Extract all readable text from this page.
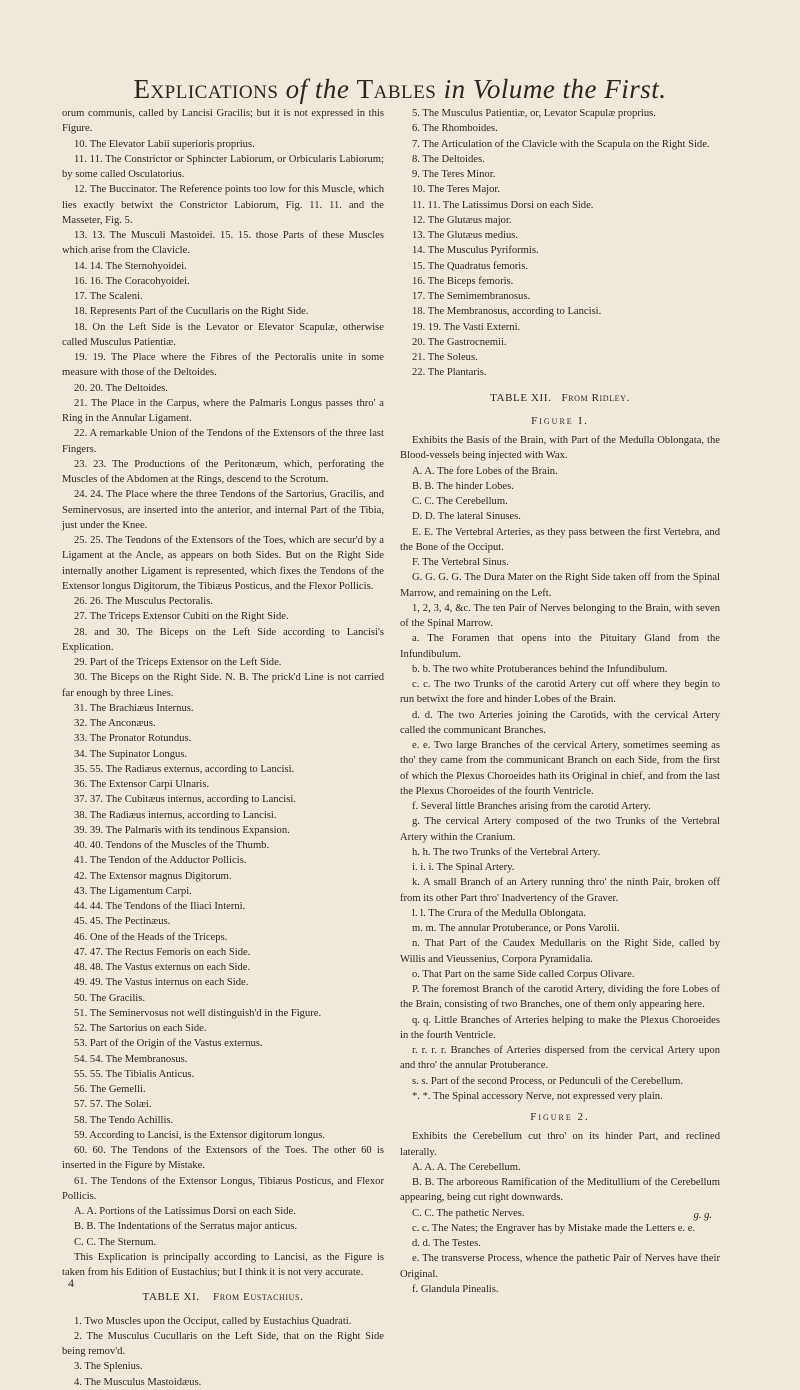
Explications of the Tables in Volume the First.

orum communis, called by Lancisi Gracilis; but it is not expressed in this Figure.

10. The Elevator Labii superioris proprius.

11. 11. The Constrictor or Sphincter Labiorum, or Orbicularis Labiorum; by some called Osculatorius.

12. The Buccinator. The Reference points too low for this Muscle, which lies exactly betwixt the Constrictor Labiorum, Fig. 11. 11. and the Masseter, Fig. 5.

13. 13. The Musculi Mastoidei. 15. 15. those Parts of these Muscles which arise from the Clavicle.

14. 14. The Sternohyoidei.

16. 16. The Coracohyoidei.

17. The Scaleni.

18. Represents Part of the Cucullaris on the Right Side.

18. On the Left Side is the Levator or Elevator Scapulæ, otherwise called Musculus Patientiæ.

19. 19. The Place where the Fibres of the Pectoralis unite in some measure with those of the Deltoides.

20. 20. The Deltoides.

21. The Place in the Carpus, where the Palmaris Longus passes thro' a Ring in the Annular Ligament.

22. A remarkable Union of the Tendons of the Extensors of the three last Fingers.

23. 23. The Productions of the Peritonæum, which, perforating the Muscles of the Abdomen at the Rings, descend to the Scrotum.

24. 24. The Place where the three Tendons of the Sartorius, Gracilis, and Seminervosus, are inserted into the anterior, and internal Part of the Tibia, just under the Knee.

25. 25. The Tendons of the Extensors of the Toes, which are secur'd by a Ligament at the Ancle, as appears on both Sides. But on the Right Side internally another Ligament is represented, which fixes the Tendons of the Extensor longus Digitorum, the Tibiæus Posticus, and the Flexor Pollicis.

26. 26. The Musculus Pectoralis.

27. The Triceps Extensor Cubiti on the Right Side.

28. and 30. The Biceps on the Left Side according to Lancisi's Explication.

29. Part of the Triceps Extensor on the Left Side.

30. The Biceps on the Right Side. N. B. The prick'd Line is not carried far enough by three Lines.

31. The Brachiæus Internus.

32. The Anconæus.

33. The Pronator Rotundus.

34. The Supinator Longus.

35. 55. The Radiæus externus, according to Lancisi.

36. The Extensor Carpi Ulnaris.

37. 37. The Cubitæus internus, according to Lancisi.

38. The Radiæus internus, according to Lancisi.

39. 39. The Palmaris with its tendinous Expansion.

40. 40. Tendons of the Muscles of the Thumb.

41. The Tendon of the Adductor Pollicis.

42. The Extensor magnus Digitorum.

43. The Ligamentum Carpi.

44. 44. The Tendons of the Iliaci Interni.

45. 45. The Pectinæus.

46. One of the Heads of the Triceps.

47. 47. The Rectus Femoris on each Side.

48. 48. The Vastus externus on each Side.

49. 49. The Vastus internus on each Side.

50. The Gracilis.

51. The Seminervosus not well distinguish'd in the Figure.

52. The Sartorius on each Side.

53. Part of the Origin of the Vastus externus.

54. 54. The Membranosus.

55. 55. The Tibialis Anticus.

56. The Gemelli.

57. 57. The Solæi.

58. The Tendo Achillis.

59. According to Lancisi, is the Extensor digitorum longus.

60. 60. The Tendons of the Extensors of the Toes. The other 60 is inserted in the Figure by Mistake.

61. The Tendons of the Extensor Longus, Tibiæus Posticus, and Flexor Pollicis.

A. A. Portions of the Latissimus Dorsi on each Side.

B. B. The Indentations of the Serratus major anticus.

C. C. The Sternum.

This Explication is principally according to Lancisi, as the Figure is taken from his Edition of Eustachius; but I think it is not very accurate.

TABLE XI. From Eustachius.

1. Two Muscles upon the Occiput, called by Eustachius Quadrati.

2. The Musculus Cucullaris on the Left Side, that on the Right Side being remov'd.

3. The Splenius.

4. The Musculus Mastoidæus.

5. The Musculus Patientiæ, or, Levator Scapulæ proprius.

6. The Rhomboides.

7. The Articulation of the Clavicle with the Scapula on the Right Side.

8. The Deltoides.

9. The Teres Minor.

10. The Teres Major.

11. 11. The Latissimus Dorsi on each Side.

12. The Glutæus major.

13. The Glutæus medius.

14. The Musculus Pyriformis.

15. The Quadratus femoris.

16. The Biceps femoris.

17. The Semimembranosus.

18. The Membranosus, according to Lancisi.

19. 19. The Vasti Externi.

20. The Gastrocnemii.

21. The Soleus.

22. The Plantaris.

TABLE XII. From Ridley.
Figure I.

Exhibits the Basis of the Brain, with Part of the Medulla Oblongata, the Blood-vessels being injected with Wax.

A. A. The fore Lobes of the Brain.

B. B. The hinder Lobes.

C. C. The Cerebellum.

D. D. The lateral Sinuses.

E. E. The Vertebral Arteries, as they pass between the first Vertebra, and the Bone of the Occiput.

F. The Vertebral Sinus.

G. G. G. G. The Dura Mater on the Right Side taken off from the Spinal Marrow, and remaining on the Left.

1, 2, 3, 4, &c. The ten Pair of Nerves belonging to the Brain, with seven of the Spinal Marrow.

a. The Foramen that opens into the Pituitary Gland from the Infundibulum.

b. b. The two white Protuberances behind the Infundibulum.

c. c. The two Trunks of the carotid Artery cut off where they begin to run betwixt the fore and hinder Lobes of the Brain.

d. d. The two Arteries joining the Carotids, with the cervical Artery called the communicant Branches.

e. e. Two large Branches of the cervical Artery, sometimes seeming as tho' they came from the communicant Branch on each Side, from the first of which the Plexus Choroeides hath its Original in chief, and from the last the Plexus Choroeides of the fourth Ventricle.

f. Several little Branches arising from the carotid Artery.

g. The cervical Artery composed of the two Trunks of the Vertebral Artery within the Cranium.

h. h. The two Trunks of the Vertebral Artery.

i. i. i. The Spinal Artery.

k. A small Branch of an Artery running thro' the ninth Pair, broken off from its other Part thro' Inadvertency of the Graver.

l. l. The Crura of the Medulla Oblongata.

m. m. The annular Protuberance, or Pons Varolii.

n. That Part of the Caudex Medullaris on the Right Side, called by Willis and Vieussenius, Corpora Pyramidalia.

o. That Part on the same Side called Corpus Olivare.

P. The foremost Branch of the carotid Artery, dividing the fore Lobes of the Brain, consisting of two Branches, one of them only appearing here.

q. q. Little Branches of Arteries helping to make the Plexus Choroeides in the fourth Ventricle.

r. r. r. r. Branches of Arteries dispersed from the cervical Artery upon and thro' the annular Protuberance.

s. s. Part of the second Process, or Pedunculi of the Cerebellum.

*. *. The Spinal accessory Nerve, not expressed very plain.

Figure 2.

Exhibits the Cerebellum cut thro' on its hinder Part, and reclined laterally.

A. A. A. The Cerebellum.

B. B. The arboreous Ramification of the Meditullium of the Cerebellum appearing, being cut right downwards.

C. C. The pathetic Nerves.

c. c. The Nates; the Engraver has by Mistake made the Letters e. e.

d. d. The Testes.

e. The transverse Process, whence the pathetic Pair of Nerves have their Original.

f. Glandula Pinealis.

g. g.
4
